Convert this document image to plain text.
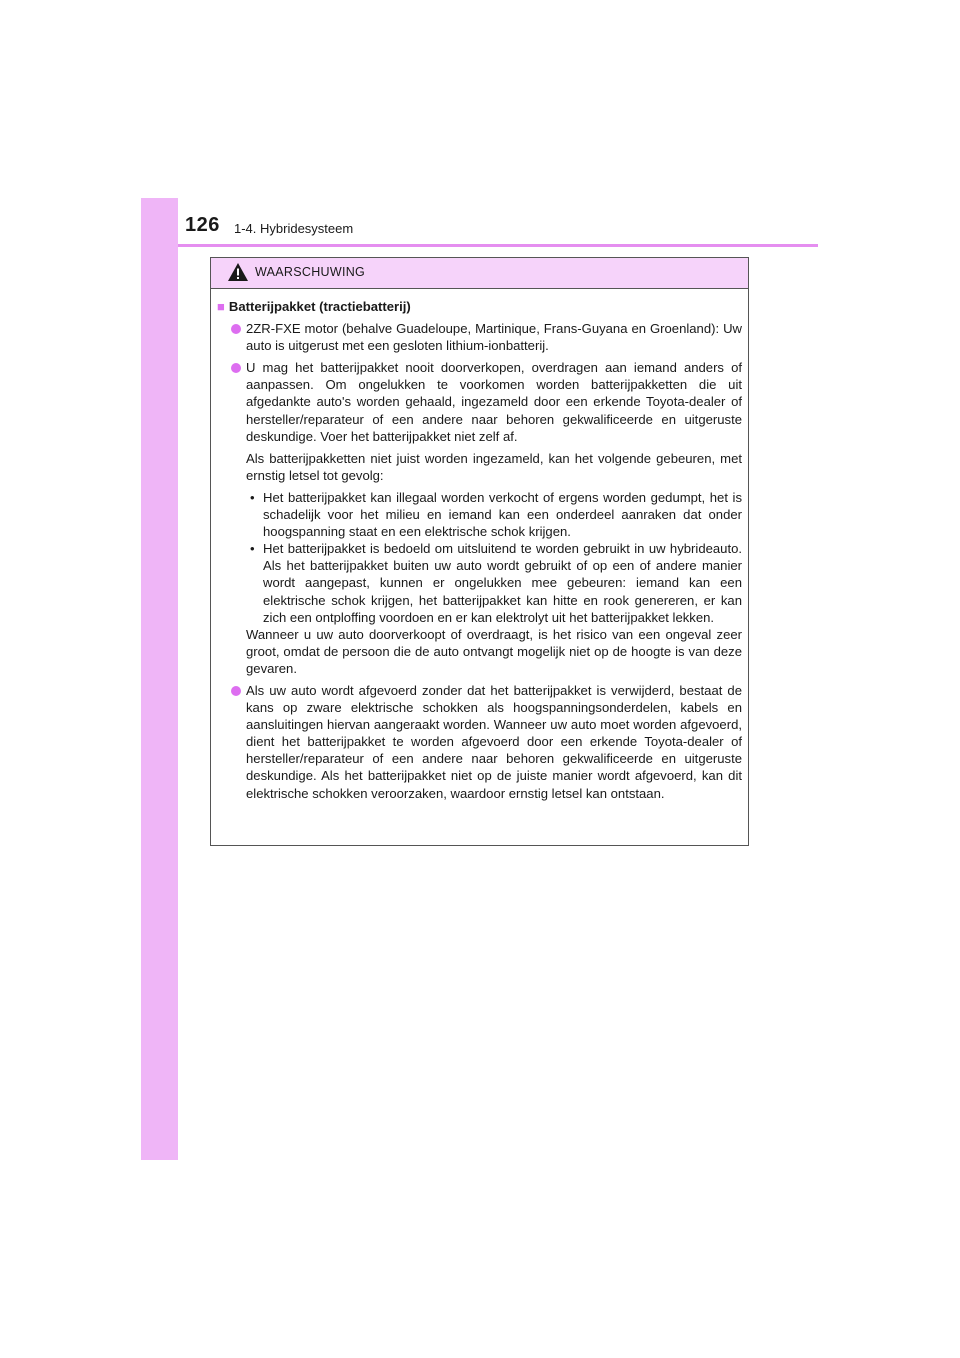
126 1-4. Hybridesysteem
WAARSCHUWING
■ Batterijpakket (tractiebatterij)
2ZR-FXE motor (behalve Guadeloupe, Martinique, Frans-Guyana en Groenland): Uw auto is uitgerust met een gesloten lithium-ionbatterij.
U mag het batterijpakket nooit doorverkopen, overdragen aan iemand anders of aanpassen. Om ongelukken te voorkomen worden batterijpakketten die uit afgedankte auto's worden gehaald, ingezameld door een erkende Toyota-dealer of hersteller/reparateur of een andere naar behoren gekwalificeerde en uitgeruste deskundige. Voer het batterijpakket niet zelf af.
Als batterijpakketten niet juist worden ingezameld, kan het volgende gebeuren, met ernstig letsel tot gevolg:
• Het batterijpakket kan illegaal worden verkocht of ergens worden gedumpt, het is schadelijk voor het milieu en iemand kan een onderdeel aanraken dat onder hoogspanning staat en een elektrische schok krijgen.
• Het batterijpakket is bedoeld om uitsluitend te worden gebruikt in uw hybrideauto. Als het batterijpakket buiten uw auto wordt gebruikt of op een of andere manier wordt aangepast, kunnen er ongelukken mee gebeuren: iemand kan een elektrische schok krijgen, het batterijpakket kan hitte en rook genereren, er kan zich een ontploffing voordoen en er kan elektrolyt uit het batterijpakket lekken.
Wanneer u uw auto doorverkoopt of overdraagt, is het risico van een ongeval zeer groot, omdat de persoon die de auto ontvangt mogelijk niet op de hoogte is van deze gevaren.
Als uw auto wordt afgevoerd zonder dat het batterijpakket is verwijderd, bestaat de kans op zware elektrische schokken als hoogspanningsonderdelen, kabels en aansluitingen hiervan aangeraakt worden. Wanneer uw auto moet worden afgevoerd, dient het batterijpakket te worden afgevoerd door een erkende Toyota-dealer of hersteller/reparateur of een andere naar behoren gekwalificeerde en uitgeruste deskundige. Als het batterijpakket niet op de juiste manier wordt afgevoerd, kan dit elektrische schokken veroorzaken, waardoor ernstig letsel kan ontstaan.
